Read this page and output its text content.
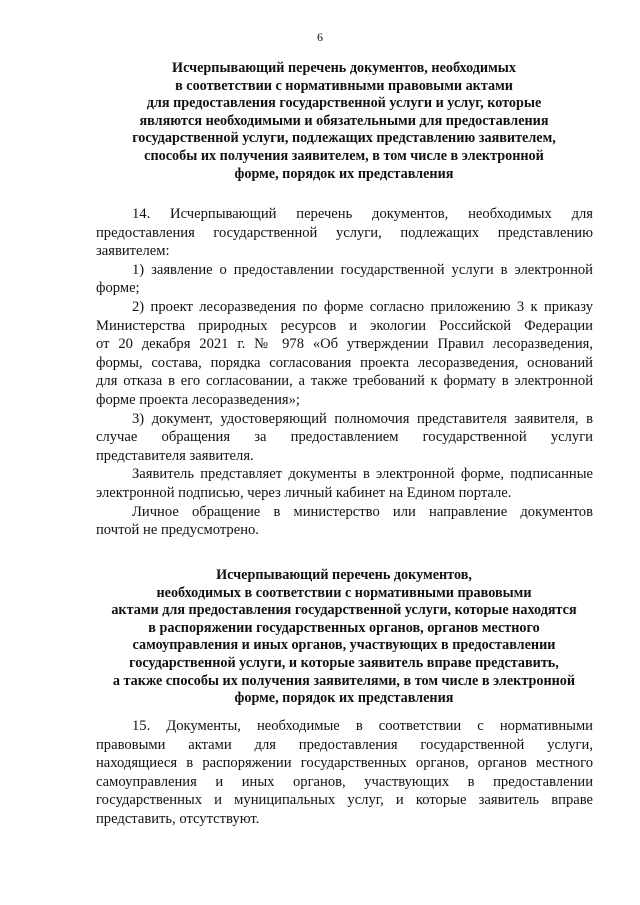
6
Исчерпывающий перечень документов, необходимых
в соответствии с нормативными правовыми актами
для предоставления государственной услуги и услуг, которые
являются необходимыми и обязательными для предоставления
государственной услуги, подлежащих представлению заявителем,
способы их получения заявителем, в том числе в электронной
форме, порядок их представления

14. Исчерпывающий перечень документов, необходимых для
предоставления государственной услуги, подлежащих представлению
заявителем:

1) заявление о предоставлении государственной услуги в электронной
форме;

2) проект лесоразведения по форме согласно приложению 3 к приказу
Министерства природных ресурсов и экологии Российской Федерации
от 20 декабря 2021 г. № 978 «Об утверждении Правил лесоразведения,
формы, состава, порядка согласования проекта лесоразведения, оснований
для отказа в его согласовании, а также требований к формату в электронной
форме проекта лесоразведения»;

3) документ, удостоверяющий полномочия представителя заявителя, в
случае обращения за предоставлением государственной услуги
представителя заявителя.

Заявитель представляет документы в электронной форме, подписанные
электронной подписью, через личный кабинет на Едином портале.

Личное обращение в министерство или направление документов
почтой не предусмотрено.

Исчерпывающий перечень документов,
необходимых в соответствии с нормативными правовыми
актами для предоставления государственной услуги, которые находятся
в распоряжении государственных органов, органов местного
самоуправления и иных органов, участвующих в предоставлении
государственной услуги, и которые заявитель вправе представить,
а также способы их получения заявителями, в том числе в электронной
форме, порядок их представления

15. Документы, необходимые в соответствии с нормативными
правовыми актами для предоставления государственной услуги,
находящиеся в распоряжении государственных органов, органов местного
самоуправления и иных органов, участвующих в предоставлении
государственных и муниципальных услуг, и которые заявитель вправе
представить, отсутствуют.
